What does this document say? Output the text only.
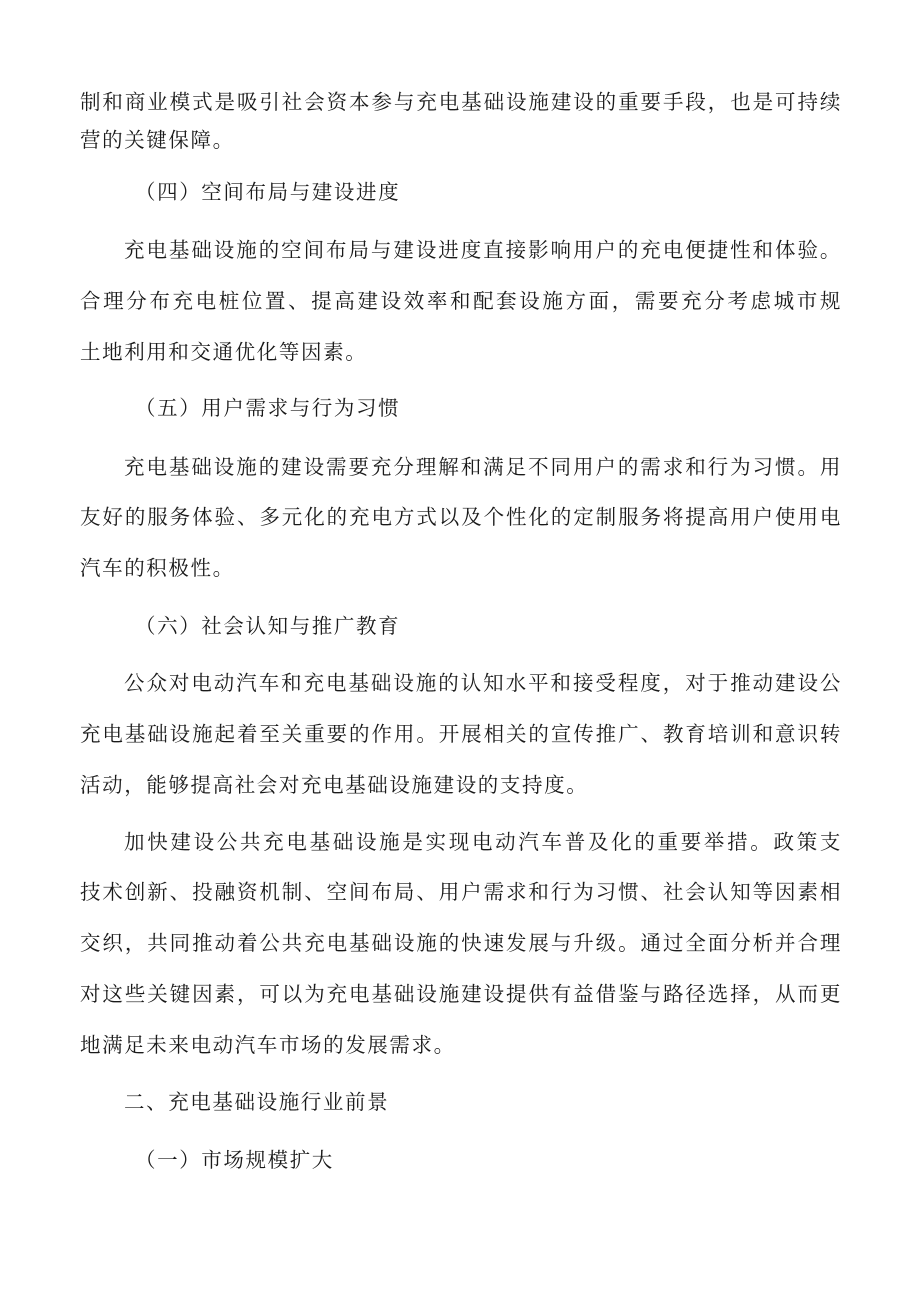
制和商业模式是吸引社会资本参与充电基础设施建设的重要手段，也是可持续
营的关键保障。
（四）空间布局与建设进度
充电基础设施的空间布局与建设进度直接影响用户的充电便捷性和体验。
合理分布充电桩位置、提高建设效率和配套设施方面，需要充分考虑城市规
土地利用和交通优化等因素。
（五）用户需求与行为习惯
充电基础设施的建设需要充分理解和满足不同用户的需求和行为习惯。用
友好的服务体验、多元化的充电方式以及个性化的定制服务将提高用户使用电
汽车的积极性。
（六）社会认知与推广教育
公众对电动汽车和充电基础设施的认知水平和接受程度，对于推动建设公
充电基础设施起着至关重要的作用。开展相关的宣传推广、教育培训和意识转
活动，能够提高社会对充电基础设施建设的支持度。
加快建设公共充电基础设施是实现电动汽车普及化的重要举措。政策支
技术创新、投融资机制、空间布局、用户需求和行为习惯、社会认知等因素相
交织，共同推动着公共充电基础设施的快速发展与升级。通过全面分析并合理
对这些关键因素，可以为充电基础设施建设提供有益借鉴与路径选择，从而更
地满足未来电动汽车市场的发展需求。
二、充电基础设施行业前景
（一）市场规模扩大
